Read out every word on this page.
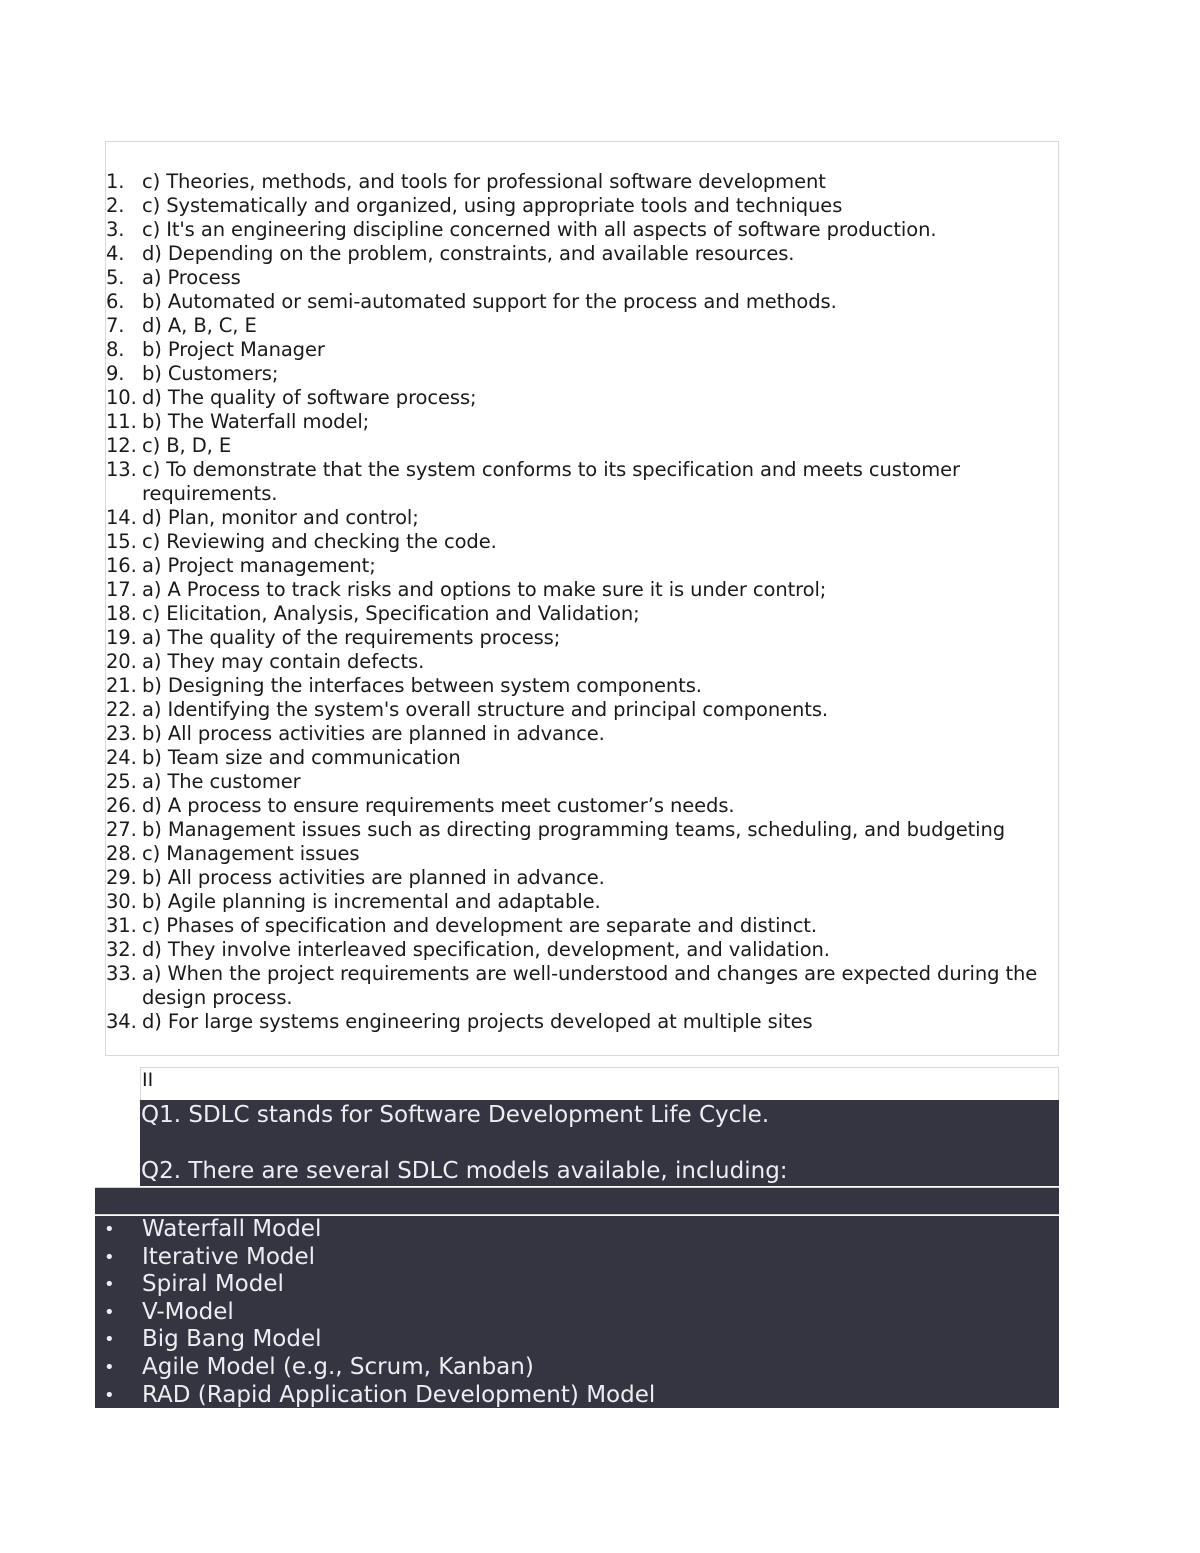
1. c) Theories, methods, and tools for professional software development
2. c) Systematically and organized, using appropriate tools and techniques
3. c) It's an engineering discipline concerned with all aspects of software production.
4. d) Depending on the problem, constraints, and available resources.
5. a) Process
6. b) Automated or semi-automated support for the process and methods.
7. d) A, B, C, E
8. b) Project Manager
9. b) Customers;
10. d) The quality of software process;
11. b) The Waterfall model;
12. c) B, D, E
13. c) To demonstrate that the system conforms to its specification and meets customer requirements.
14. d) Plan, monitor and control;
15. c) Reviewing and checking the code.
16. a) Project management;
17. a) A Process to track risks and options to make sure it is under control;
18. c) Elicitation, Analysis, Specification and Validation;
19. a) The quality of the requirements process;
20. a) They may contain defects.
21. b) Designing the interfaces between system components.
22. a) Identifying the system's overall structure and principal components.
23. b) All process activities are planned in advance.
24. b) Team size and communication
25. a) The customer
26. d) A process to ensure requirements meet customer’s needs.
27. b) Management issues such as directing programming teams, scheduling, and budgeting
28. c) Management issues
29. b) All process activities are planned in advance.
30. b) Agile planning is incremental and adaptable.
31. c) Phases of specification and development are separate and distinct.
32. d) They involve interleaved specification, development, and validation.
33. a) When the project requirements are well-understood and changes are expected during the design process.
34. d) For large systems engineering projects developed at multiple sites
II
Q1. SDLC stands for Software Development Life Cycle.
Q2. There are several SDLC models available, including:
• Waterfall Model
• Iterative Model
• Spiral Model
• V-Model
• Big Bang Model
• Agile Model (e.g., Scrum, Kanban)
• RAD (Rapid Application Development) Model
